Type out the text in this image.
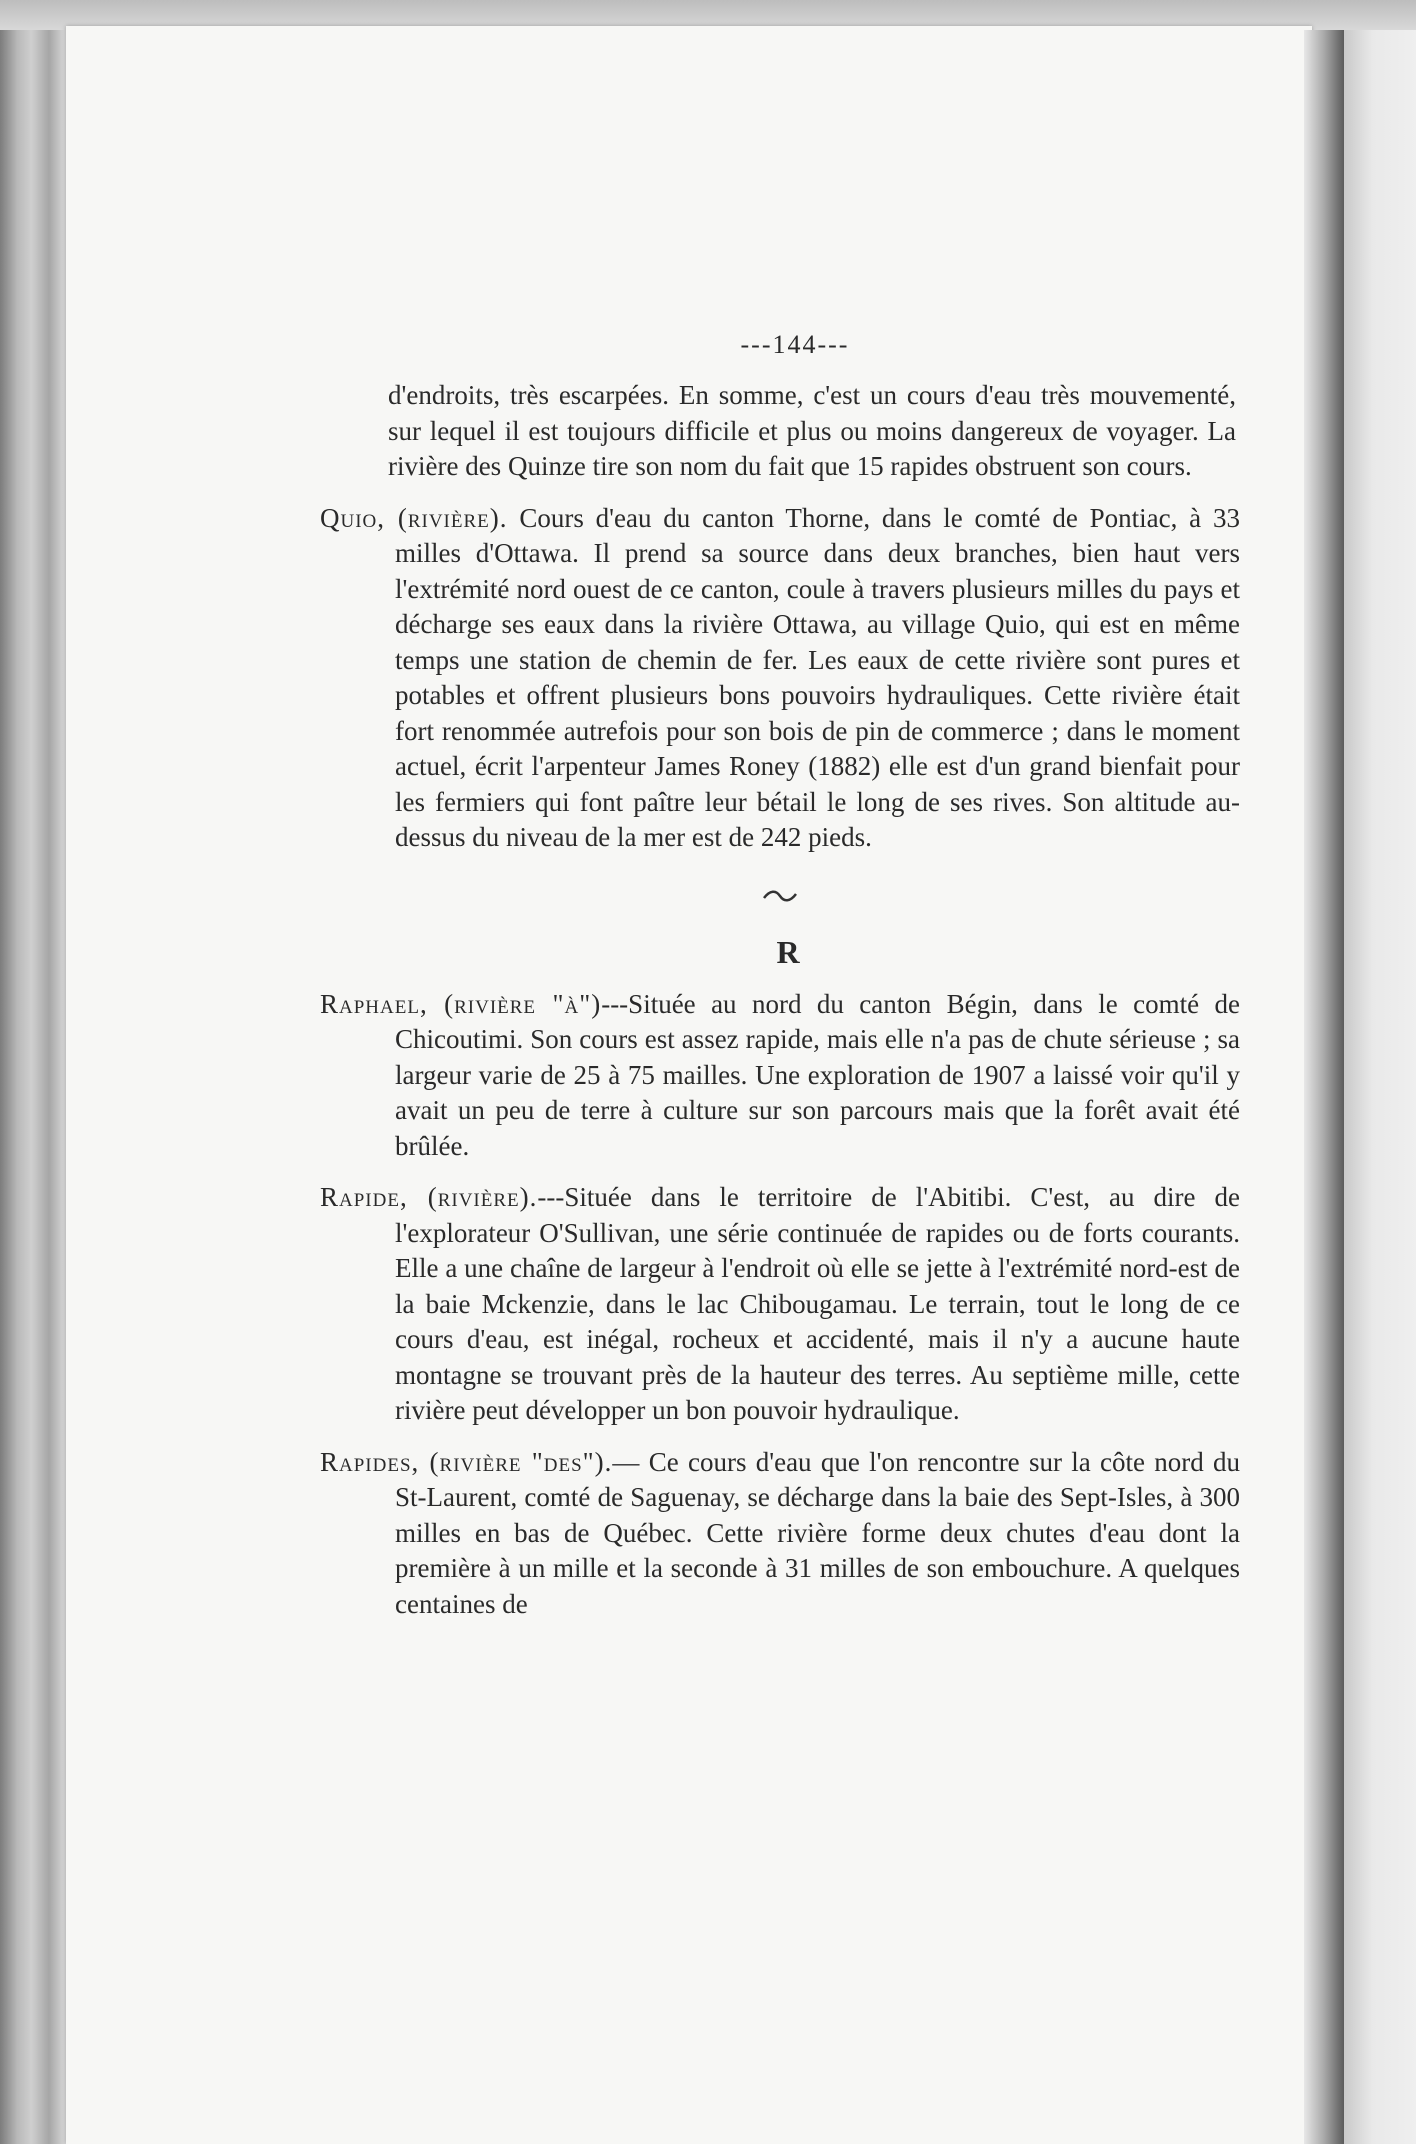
---144---

d'endroits, très escarpées. En somme, c'est un cours d'eau très mouvementé, sur lequel il est toujours difficile et plus ou moins dangereux de voyager. La rivière des Quinze tire son nom du fait que 15 rapides obstruent son cours.

Quio, (rivière). Cours d'eau du canton Thorne, dans le comté de Pontiac, à 33 milles d'Ottawa. Il prend sa source dans deux branches, bien haut vers l'extrémité nord ouest de ce canton, coule à travers plusieurs milles du pays et décharge ses eaux dans la rivière Ottawa, au village Quio, qui est en même temps une station de chemin de fer. Les eaux de cette rivière sont pures et potables et offrent plusieurs bons pouvoirs hydrauliques. Cette rivière était fort renommée autrefois pour son bois de pin de commerce ; dans le moment actuel, écrit l'arpenteur James Roney (1882) elle est d'un grand bienfait pour les fermiers qui font paître leur bétail le long de ses rives. Son altitude au-dessus du niveau de la mer est de 242 pieds.

R

Raphael, (rivière "à")---Située au nord du canton Bégin, dans le comté de Chicoutimi. Son cours est assez rapide, mais elle n'a pas de chute sérieuse ; sa largeur varie de 25 à 75 mailles. Une exploration de 1907 a laissé voir qu'il y avait un peu de terre à culture sur son parcours mais que la forêt avait été brûlée.

Rapide, (rivière).---Située dans le territoire de l'Abitibi. C'est, au dire de l'explorateur O'Sullivan, une série continuée de rapides ou de forts courants. Elle a une chaîne de largeur à l'endroit où elle se jette à l'extrémité nord-est de la baie Mckenzie, dans le lac Chibougamau. Le terrain, tout le long de ce cours d'eau, est inégal, rocheux et accidenté, mais il n'y a aucune haute montagne se trouvant près de la hauteur des terres. Au septième mille, cette rivière peut développer un bon pouvoir hydraulique.

Rapides, (rivière "des").— Ce cours d'eau que l'on rencontre sur la côte nord du St-Laurent, comté de Saguenay, se décharge dans la baie des Sept-Isles, à 300 milles en bas de Québec. Cette rivière forme deux chutes d'eau dont la première à un mille et la seconde à 31 milles de son embouchure. A quelques centaines de
